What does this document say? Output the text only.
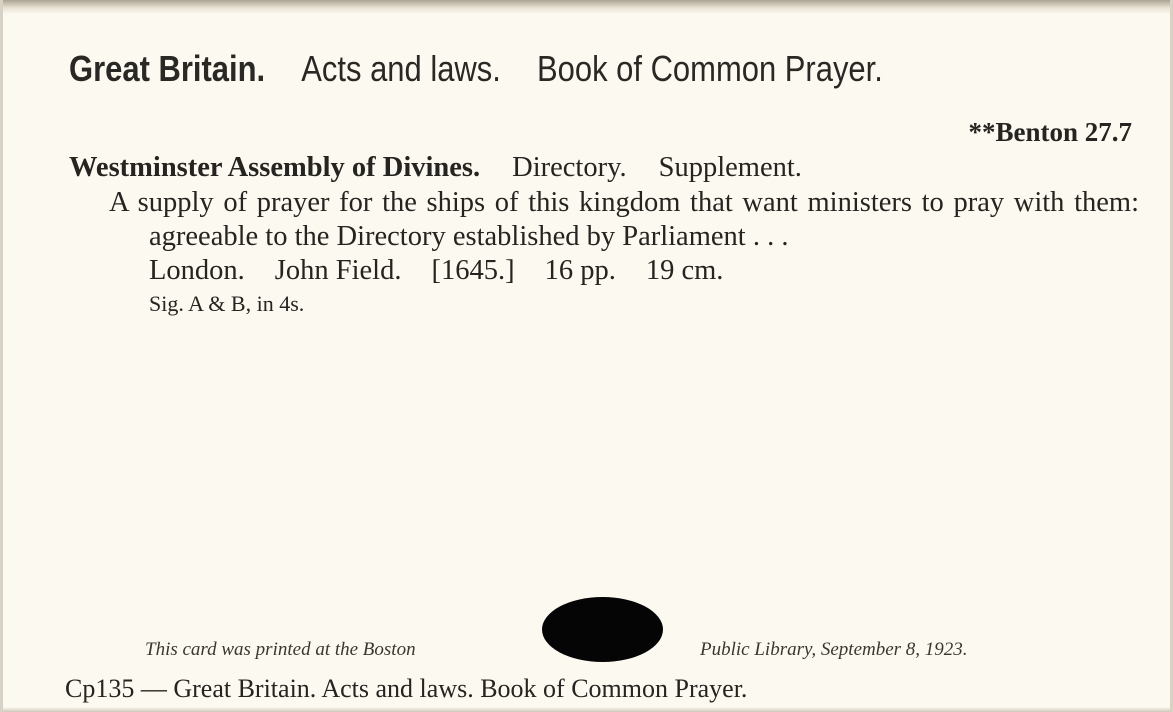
Great Britain. Acts and laws. Book of Common Prayer.
**Benton 27.7
Westminster Assembly of Divines. Directory. Supplement.
A supply of prayer for the ships of this kingdom that want ministers to pray with them: agreeable to the Directory established by Parliament . . .
London. John Field. [1645.] 16 pp. 19 cm.
Sig. A & B, in 4s.
This card was printed at the Boston	Public Library, September 8, 1923.
Cp135 — Great Britain. Acts and laws. Book of Common Prayer.
